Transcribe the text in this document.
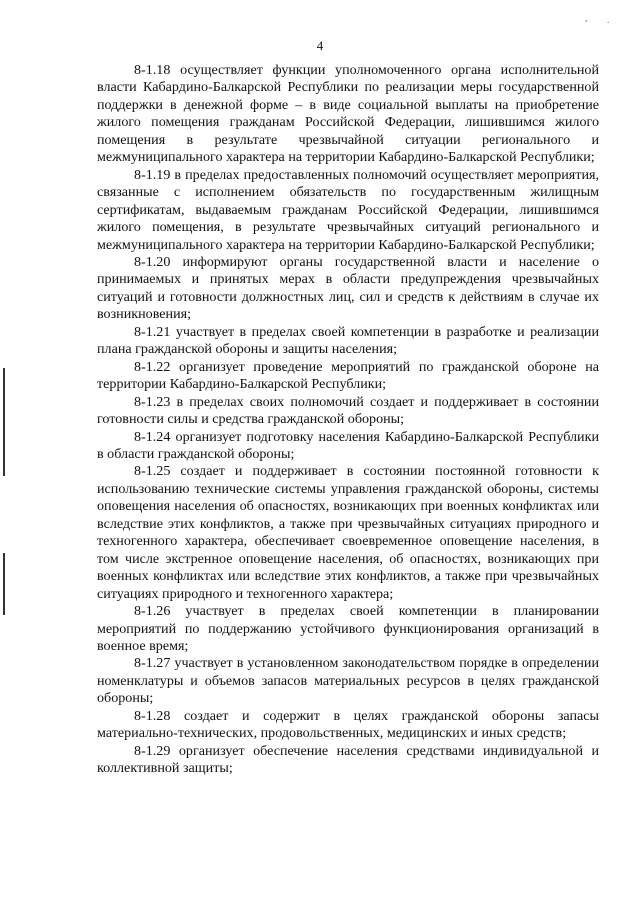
, .
4

8-1.18 осуществляет функции уполномоченного органа исполнительной власти Кабардино-Балкарской Республики по реализации меры государственной поддержки в денежной форме – в виде социальной выплаты на приобретение жилого помещения гражданам Российской Федерации, лишившимся жилого помещения в результате чрезвычайной ситуации регионального и межмуниципального характера на территории Кабардино-Балкарской Республики;

8-1.19 в пределах предоставленных полномочий осуществляет мероприятия, связанные с исполнением обязательств по государственным жилищным сертификатам, выдаваемым гражданам Российской Федерации, лишившимся жилого помещения, в результате чрезвычайных ситуаций регионального и межмуниципального характера на территории Кабардино-Балкарской Республики;

8-1.20 информируют органы государственной власти и население о принимаемых и принятых мерах в области предупреждения чрезвычайных ситуаций и готовности должностных лиц, сил и средств к действиям в случае их возникновения;

8-1.21 участвует в пределах своей компетенции в разработке и реализации плана гражданской обороны и защиты населения;

8-1.22 организует проведение мероприятий по гражданской обороне на территории Кабардино-Балкарской Республики;

8-1.23 в пределах своих полномочий создает и поддерживает в состоянии готовности силы и средства гражданской обороны;

8-1.24 организует подготовку населения Кабардино-Балкарской Республики в области гражданской обороны;

8-1.25 создает и поддерживает в состоянии постоянной готовности к использованию технические системы управления гражданской обороны, системы оповещения населения об опасностях, возникающих при военных конфликтах или вследствие этих конфликтов, а также при чрезвычайных ситуациях природного и техногенного характера, обеспечивает своевременное оповещение населения, в том числе экстренное оповещение населения, об опасностях, возникающих при военных конфликтах или вследствие этих конфликтов, а также при чрезвычайных ситуациях природного и техногенного характера;

8-1.26 участвует в пределах своей компетенции в планировании мероприятий по поддержанию устойчивого функционирования организаций в военное время;

8-1.27 участвует в установленном законодательством порядке в определении номенклатуры и объемов запасов материальных ресурсов в целях гражданской обороны;

8-1.28 создает и содержит в целях гражданской обороны запасы материально-технических, продовольственных, медицинских и иных средств;

8-1.29 организует обеспечение населения средствами индивидуальной и коллективной защиты;
